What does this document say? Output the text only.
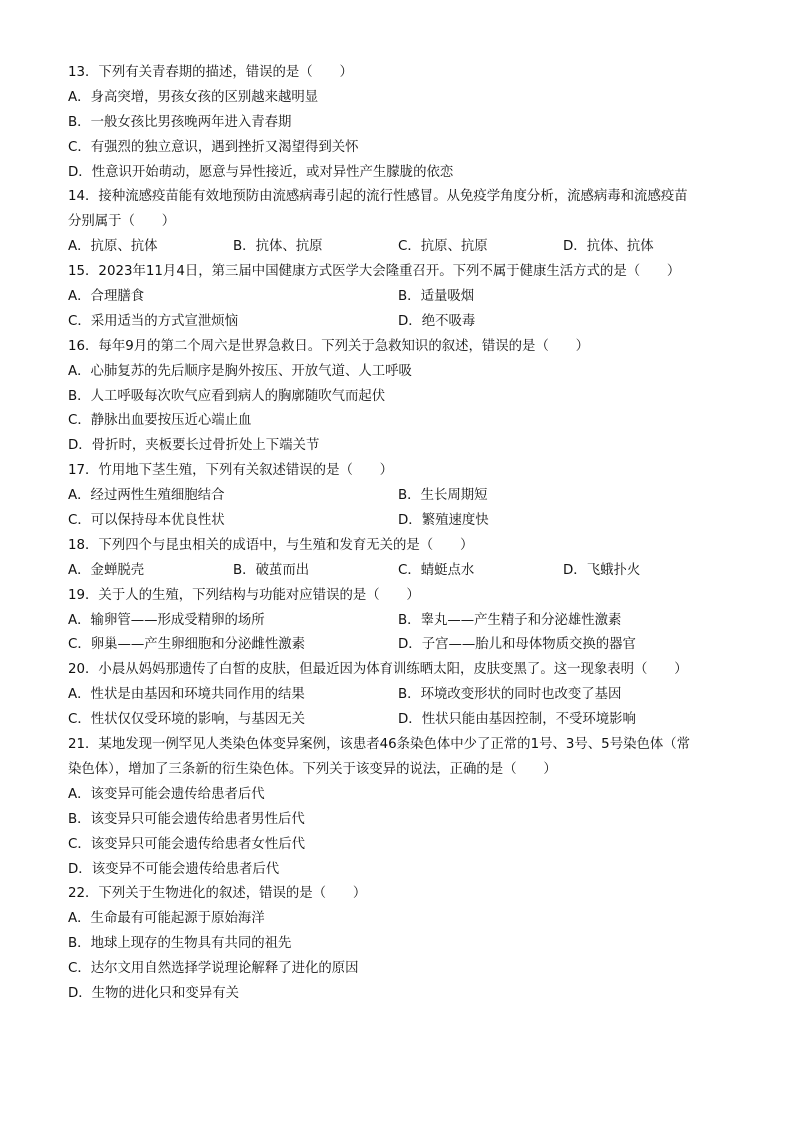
13．下列有关青春期的描述，错误的是（　　）
A．身高突增，男孩女孩的区别越来越明显
B．一般女孩比男孩晚两年进入青春期
C．有强烈的独立意识，遇到挫折又渴望得到关怀
D．性意识开始萌动，愿意与异性接近，或对异性产生朦胧的依恋
14．接种流感疫苗能有效地预防由流感病毒引起的流行性感冒。从免疫学角度分析，流感病毒和流感疫苗
分别属于（　　）
A．抗原、抗体	B．抗体、抗原	C．抗原、抗原	D．抗体、抗体
15．2023年11月4日，第三届中国健康方式医学大会隆重召开。下列不属于健康生活方式的是（　　）
A．合理膳食	B．适量吸烟
C．采用适当的方式宣泄烦恼	D．绝不吸毒
16．每年9月的第二个周六是世界急救日。下列关于急救知识的叙述，错误的是（　　）
A．心肺复苏的先后顺序是胸外按压、开放气道、人工呼吸
B．人工呼吸每次吹气应看到病人的胸廓随吹气而起伏
C．静脉出血要按压近心端止血
D．骨折时，夹板要长过骨折处上下端关节
17．竹用地下茎生殖，下列有关叙述错误的是（　　）
A．经过两性生殖细胞结合	B．生长周期短
C．可以保持母本优良性状	D．繁殖速度快
18．下列四个与昆虫相关的成语中，与生殖和发育无关的是（　　）
A．金蝉脱壳	B．破茧而出	C．蜻蜓点水	D．飞蛾扑火
19．关于人的生殖，下列结构与功能对应错误的是（　　）
A．输卵管——形成受精卵的场所	B．睾丸——产生精子和分泌雄性激素
C．卵巢——产生卵细胞和分泌雌性激素	D．子宫——胎儿和母体物质交换的器官
20．小晨从妈妈那遗传了白皙的皮肤，但最近因为体育训练晒太阳，皮肤变黑了。这一现象表明（　　）
A．性状是由基因和环境共同作用的结果	B．环境改变形状的同时也改变了基因
C．性状仅仅受环境的影响，与基因无关	D．性状只能由基因控制，不受环境影响
21．某地发现一例罕见人类染色体变异案例，该患者46条染色体中少了正常的1号、3号、5号染色体（常
染色体），增加了三条新的衍生染色体。下列关于该变异的说法，正确的是（　　）
A．该变异可能会遗传给患者后代
B．该变异只可能会遗传给患者男性后代
C．该变异只可能会遗传给患者女性后代
D．该变异不可能会遗传给患者后代
22．下列关于生物进化的叙述，错误的是（　　）
A．生命最有可能起源于原始海洋
B．地球上现存的生物具有共同的祖先
C．达尔文用自然选择学说理论解释了进化的原因
D．生物的进化只和变异有关
